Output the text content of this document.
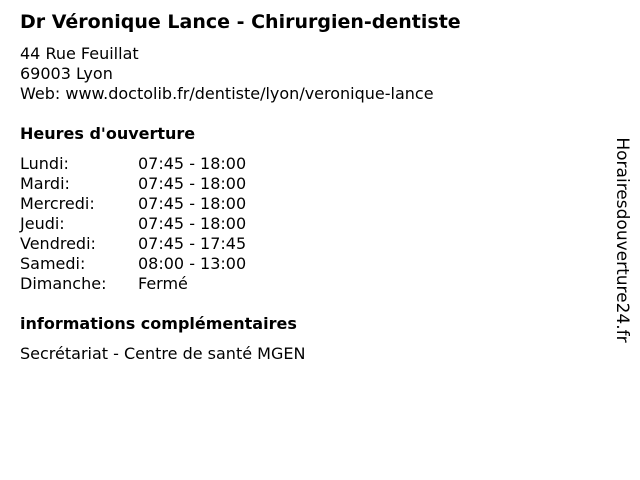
Dr Véronique Lance - Chirurgien-dentiste
44 Rue Feuillat
69003 Lyon
Web: www.doctolib.fr/dentiste/lyon/veronique-lance
Heures d'ouverture
Lundi:	07:45 - 18:00
Mardi:	07:45 - 18:00
Mercredi:	07:45 - 18:00
Jeudi:	07:45 - 18:00
Vendredi:	07:45 - 17:45
Samedi:	08:00 - 13:00
Dimanche:	Fermé
informations complémentaires
Secrétariat - Centre de santé MGEN
Horairesdouverture24.fr
